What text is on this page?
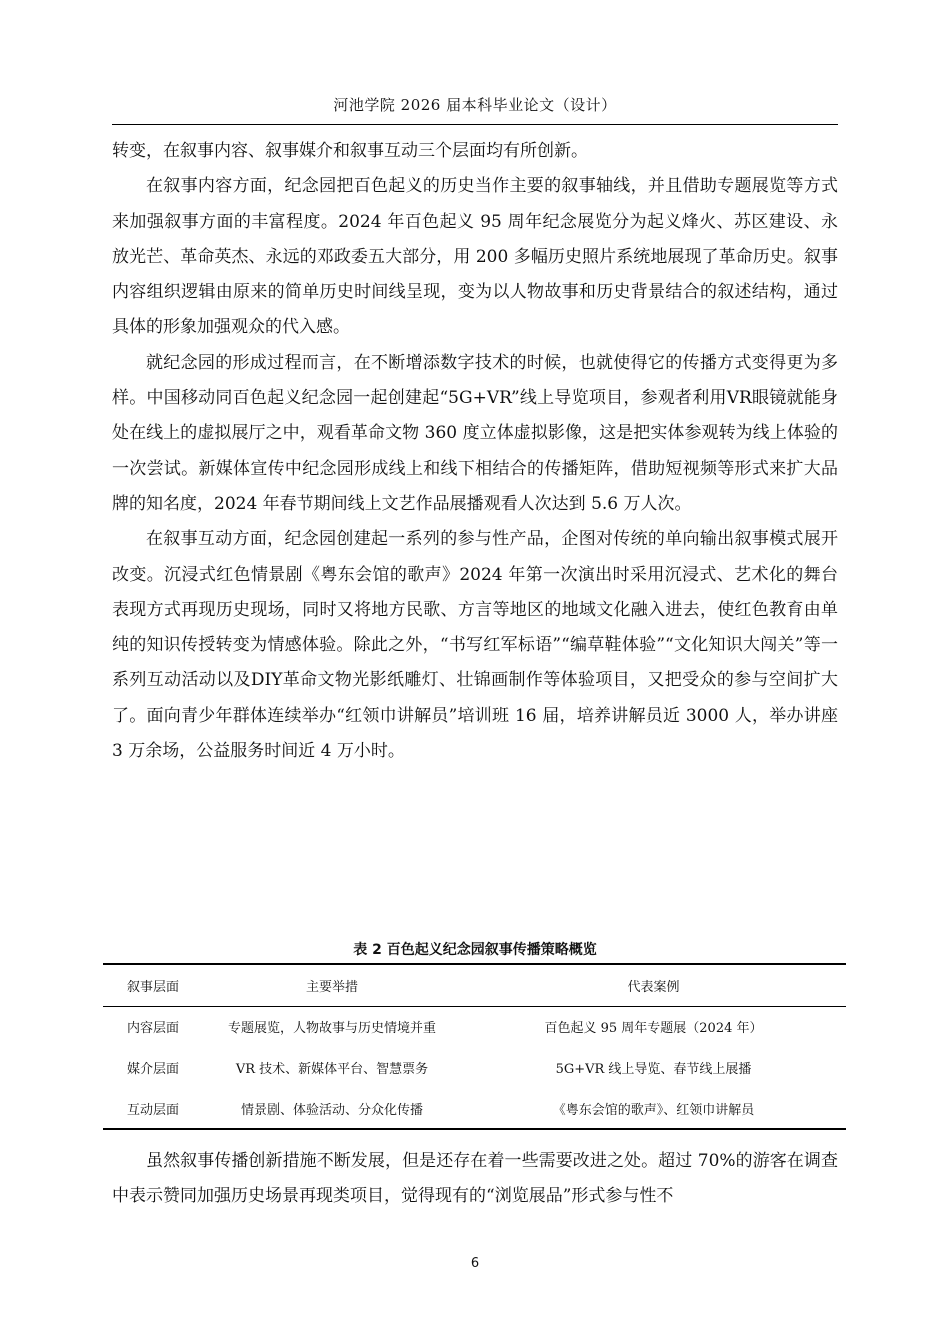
河池学院 2026 届本科毕业论文（设计）

转变，在叙事内容、叙事媒介和叙事互动三个层面均有所创新。

在叙事内容方面，纪念园把百色起义的历史当作主要的叙事轴线，并且借助专题展览等方式来加强叙事方面的丰富程度。2024 年百色起义 95 周年纪念展览分为起义烽火、苏区建设、永放光芒、革命英杰、永远的邓政委五大部分，用 200 多幅历史照片系统地展现了革命历史。叙事内容组织逻辑由原来的简单历史时间线呈现，变为以人物故事和历史背景结合的叙述结构，通过具体的形象加强观众的代入感。

就纪念园的形成过程而言，在不断增添数字技术的时候，也就使得它的传播方式变得更为多样。中国移动同百色起义纪念园一起创建起“5G+VR”线上导览项目，参观者利用VR眼镜就能身处在线上的虚拟展厅之中，观看革命文物 360 度立体虚拟影像，这是把实体参观转为线上体验的一次尝试。新媒体宣传中纪念园形成线上和线下相结合的传播矩阵，借助短视频等形式来扩大品牌的知名度，2024 年春节期间线上文艺作品展播观看人次达到 5.6 万人次。

在叙事互动方面，纪念园创建起一系列的参与性产品，企图对传统的单向输出叙事模式展开改变。沉浸式红色情景剧《粤东会馆的歌声》2024 年第一次演出时采用沉浸式、艺术化的舞台表现方式再现历史现场，同时又将地方民歌、方言等地区的地域文化融入进去，使红色教育由单纯的知识传授转变为情感体验。除此之外，“书写红军标语”“编草鞋体验”“文化知识大闯关”等一系列互动活动以及DIY革命文物光影纸雕灯、壮锦画制作等体验项目，又把受众的参与空间扩大了。面向青少年群体连续举办“红领巾讲解员”培训班 16 届，培养讲解员近 3000 人，举办讲座 3 万余场，公益服务时间近 4 万小时。

表 2 百色起义纪念园叙事传播策略概览
叙事层面	主要举措	代表案例
内容层面	专题展览，人物故事与历史情境并重	百色起义 95 周年专题展（2024 年）
媒介层面	VR 技术、新媒体平台、智慧票务	5G+VR 线上导览、春节线上展播
互动层面	情景剧、体验活动、分众化传播	《粤东会馆的歌声》、红领巾讲解员

虽然叙事传播创新措施不断发展，但是还存在着一些需要改进之处。超过 70%的游客在调查中表示赞同加强历史场景再现类项目，觉得现有的“浏览展品”形式参与性不

6
